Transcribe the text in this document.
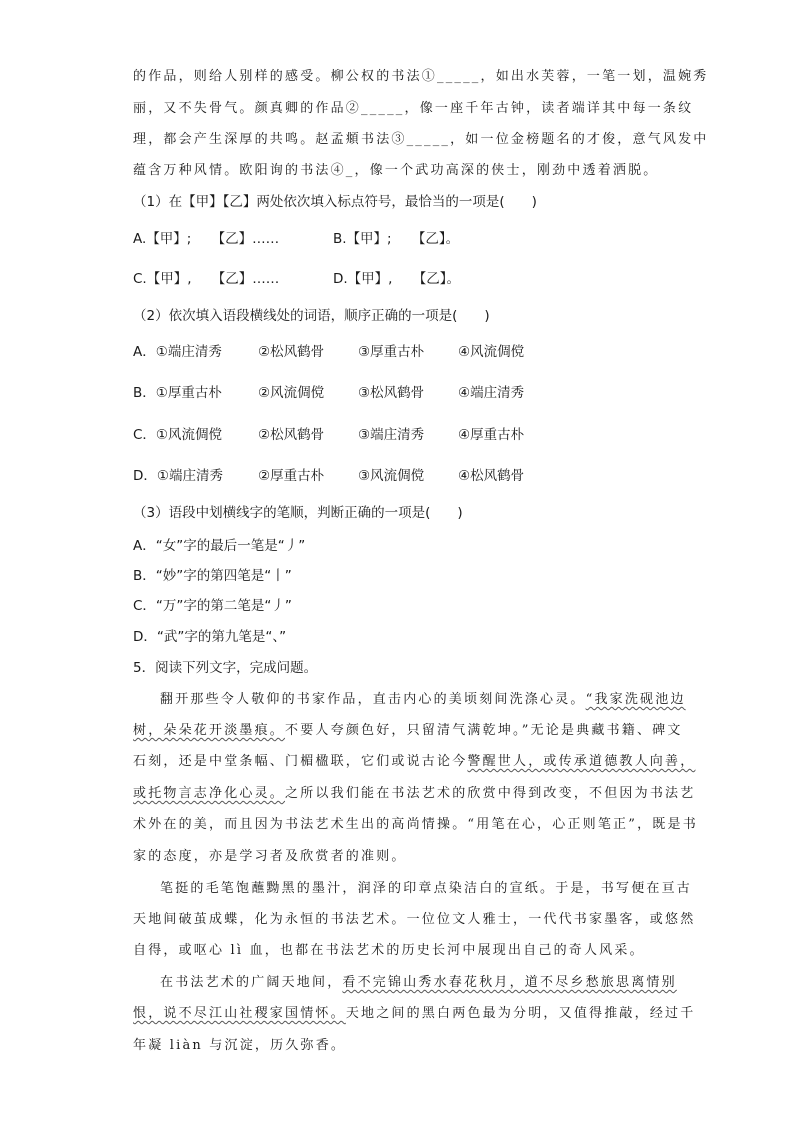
的作品，则给人别样的感受。柳公权的书法①_____，如出水芙蓉，一笔一划，温婉秀
丽，又不失骨气。颜真卿的作品②_____，像一座千年古钟，读者端详其中每一条纹
理，都会产生深厚的共鸣。赵孟頫书法③_____，如一位金榜题名的才俊，意气风发中
蕴含万种风情。欧阳询的书法④_，像一个武功高深的侠士，刚劲中透着洒脱。
（1）在【甲】【乙】两处依次填入标点符号，最恰当的一项是(　　)
A.【甲】;　　【乙】……	B.【甲】;　　【乙】。
C.【甲】,　　【乙】……	D.【甲】,　　【乙】。
（2）依次填入语段横线处的词语，顺序正确的一项是(　　)
A．①端庄清秀	②松风鹤骨	③厚重古朴	④风流倜傥
B．①厚重古朴	②风流倜傥	③松风鹤骨	④端庄清秀
C．①风流倜傥	②松风鹤骨	③端庄清秀	④厚重古朴
D．①端庄清秀	②厚重古朴	③风流倜傥	④松风鹤骨
（3）语段中划横线字的笔顺，判断正确的一项是(　　)
A．“女”字的最后一笔是“丿”
B．“妙”字的第四笔是“丨”
C．“万”字的第二笔是“丿”
D．“武”字的第九笔是“、”
5．阅读下列文字，完成问题。
翻开那些令人敬仰的书家作品，直击内心的美顷刻间洗涤心灵。“我家洗砚池边
树，朵朵花开淡墨痕。不要人夸颜色好，只留清气满乾坤。”无论是典藏书籍、碑文
石刻，还是中堂条幅、门楣楹联，它们或说古论今警醒世人，或传承道德教人向善，
或托物言志净化心灵。之所以我们能在书法艺术的欣赏中得到改变，不但因为书法艺
术外在的美，而且因为书法艺术生出的高尚情操。“用笔在心，心正则笔正”，既是书
家的态度，亦是学习者及欣赏者的准则。
笔挺的毛笔饱蘸黝黑的墨汁，润泽的印章点染洁白的宣纸。于是，书写便在亘古
天地间破茧成蝶，化为永恒的书法艺术。一位位文人雅士，一代代书家墨客，或悠然
自得，或呕心 lì 血，也都在书法艺术的历史长河中展现出自己的奇人风采。
在书法艺术的广阔天地间，看不完锦山秀水春花秋月，道不尽乡愁旅思离情别
恨，说不尽江山社稷家国情怀。天地之间的黑白两色最为分明，又值得推敲，经过千
年凝 liàn 与沉淀，历久弥香。
